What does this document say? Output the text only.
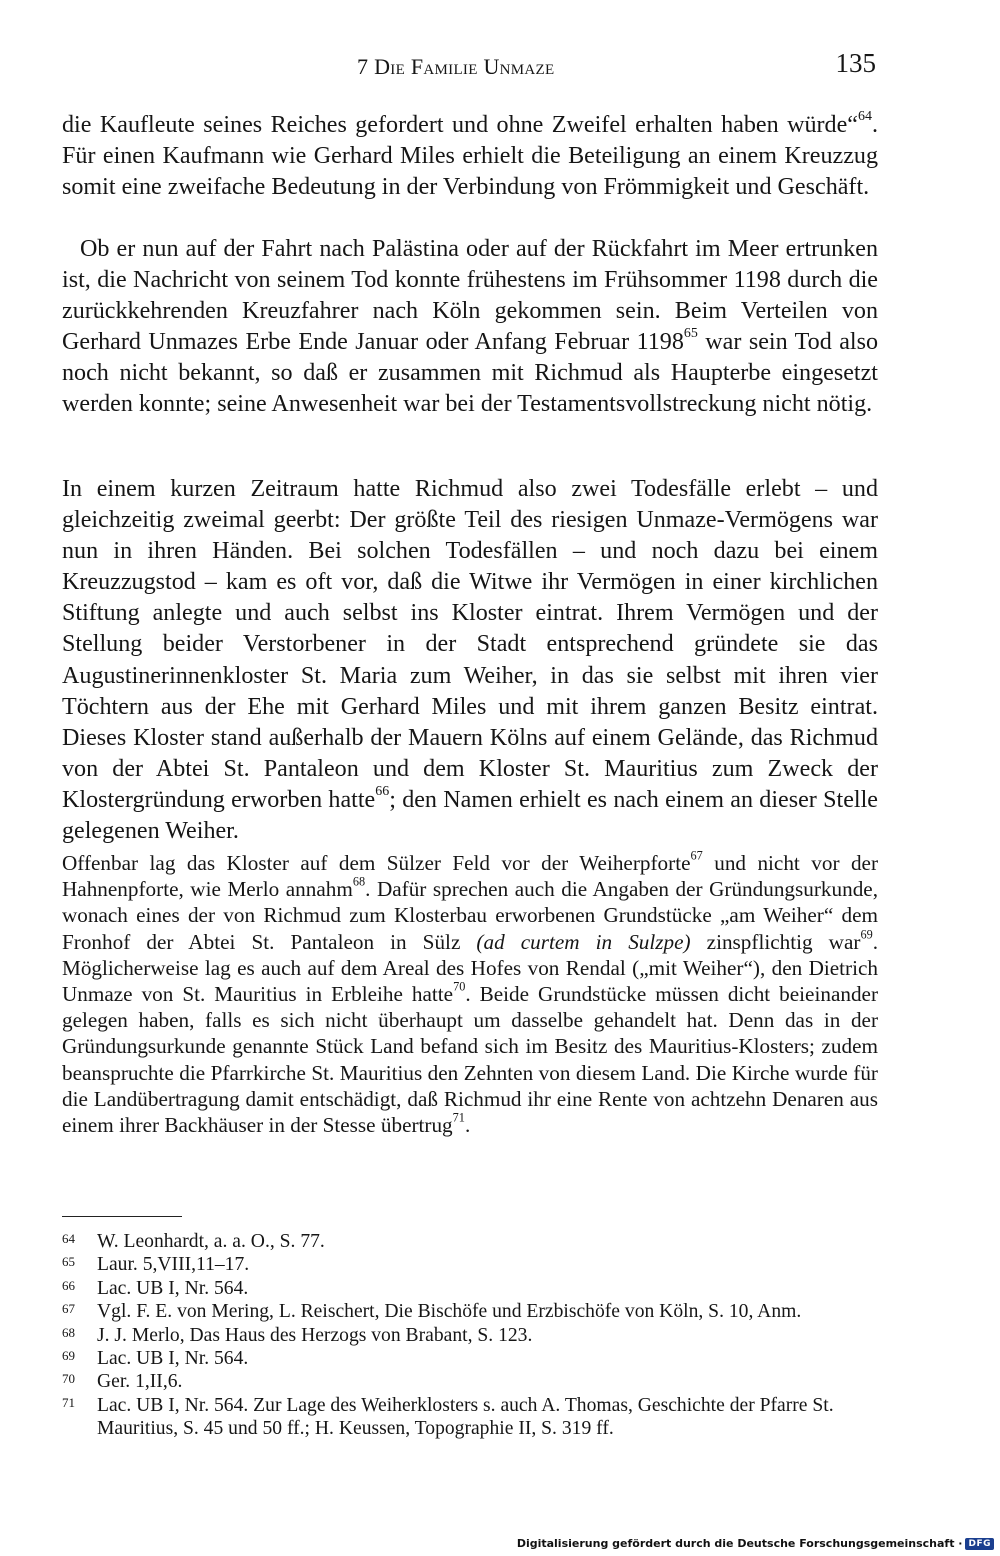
7 Die Familie Unmaze	135

die Kaufleute seines Reiches gefordert und ohne Zweifel erhalten haben würde“$^{64}$. Für einen Kaufmann wie Gerhard Miles erhielt die Beteiligung an einem Kreuzzug somit eine zweifache Bedeutung in der Verbindung von Frömmigkeit und Geschäft.

Ob er nun auf der Fahrt nach Palästina oder auf der Rückfahrt im Meer ertrunken ist, die Nachricht von seinem Tod konnte frühestens im Frühsommer 1198 durch die zurückkehrenden Kreuzfahrer nach Köln gekommen sein. Beim Verteilen von Gerhard Unmazes Erbe Ende Januar oder Anfang Februar 1198$^{65}$ war sein Tod also noch nicht bekannt, so daß er zusammen mit Richmud als Haupterbe eingesetzt werden konnte; seine Anwesenheit war bei der Testamentsvollstreckung nicht nötig.

In einem kurzen Zeitraum hatte Richmud also zwei Todesfälle erlebt – und gleichzeitig zweimal geerbt: Der größte Teil des riesigen Unmaze-Vermögens war nun in ihren Händen. Bei solchen Todesfällen – und noch dazu bei einem Kreuzzugstod – kam es oft vor, daß die Witwe ihr Vermögen in einer kirchlichen Stiftung anlegte und auch selbst ins Kloster eintrat. Ihrem Vermögen und der Stellung beider Verstorbener in der Stadt entsprechend gründete sie das Augustinerinnenkloster St. Maria zum Weiher, in das sie selbst mit ihren vier Töchtern aus der Ehe mit Gerhard Miles und mit ihrem ganzen Besitz eintrat. Dieses Kloster stand außerhalb der Mauern Kölns auf einem Gelände, das Richmud von der Abtei St. Pantaleon und dem Kloster St. Mauritius zum Zweck der Klostergründung erworben hatte$^{66}$; den Namen erhielt es nach einem an dieser Stelle gelegenen Weiher.

Offenbar lag das Kloster auf dem Sülzer Feld vor der Weiherpforte$^{67}$ und nicht vor der Hahnenpforte, wie Merlo annahm$^{68}$. Dafür sprechen auch die Angaben der Gründungsurkunde, wonach eines der von Richmud zum Klosterbau erworbenen Grundstücke „am Weiher“ dem Fronhof der Abtei St. Pantaleon in Sülz (ad curtem in Sulzpe) zinspflichtig war$^{69}$. Möglicherweise lag es auch auf dem Areal des Hofes von Rendal („mit Weiher“), den Dietrich Unmaze von St. Mauritius in Erbleihe hatte$^{70}$. Beide Grundstücke müssen dicht beieinander gelegen haben, falls es sich nicht überhaupt um dasselbe gehandelt hat. Denn das in der Gründungsurkunde genannte Stück Land befand sich im Besitz des Mauritius-Klosters; zudem beanspruchte die Pfarrkirche St. Mauritius den Zehnten von diesem Land. Die Kirche wurde für die Landübertragung damit entschädigt, daß Richmud ihr eine Rente von achtzehn Denaren aus einem ihrer Backhäuser in der Stesse übertrug$^{71}$.

64 W. Leonhardt, a. a. O., S. 77.
65 Laur. 5,VIII,11–17.
66 Lac. UB I, Nr. 564.
67 Vgl. F. E. von Mering, L. Reischert, Die Bischöfe und Erzbischöfe von Köln, S. 10, Anm.
68 J. J. Merlo, Das Haus des Herzogs von Brabant, S. 123.
69 Lac. UB I, Nr. 564.
70 Ger. 1,II,6.
71 Lac. UB I, Nr. 564. Zur Lage des Weiherklosters s. auch A. Thomas, Geschichte der Pfarre St. Mauritius, S. 45 und 50 ff.; H. Keussen, Topographie II, S. 319 ff.
Digitalisierung gefördert durch die Deutsche Forschungsgemeinschaft · DFG
